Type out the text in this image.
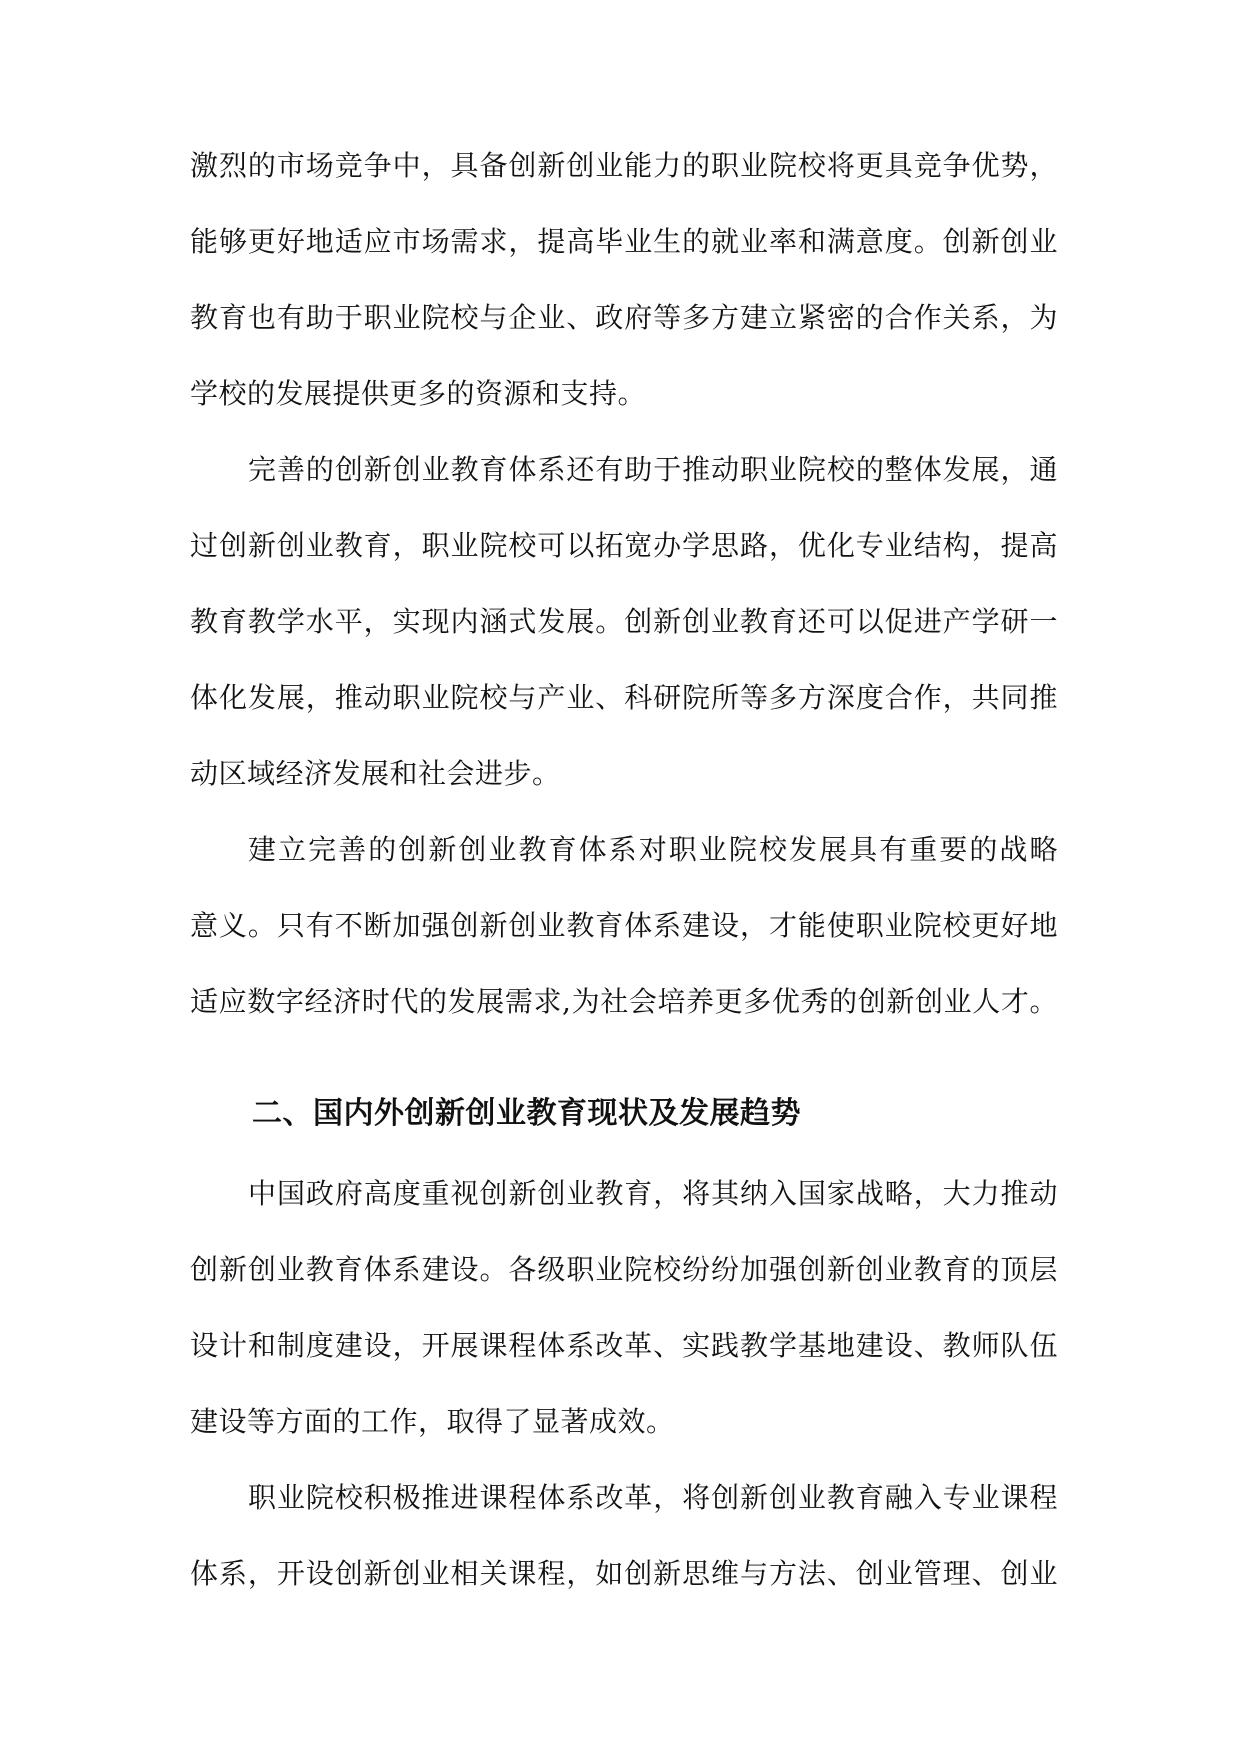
激烈的市场竞争中，具备创新创业能力的职业院校将更具竞争优势，
能够更好地适应市场需求，提高毕业生的就业率和满意度。创新创业
教育也有助于职业院校与企业、政府等多方建立紧密的合作关系，为
学校的发展提供更多的资源和支持。
完善的创新创业教育体系还有助于推动职业院校的整体发展，通
过创新创业教育，职业院校可以拓宽办学思路，优化专业结构，提高
教育教学水平，实现内涵式发展。创新创业教育还可以促进产学研一
体化发展，推动职业院校与产业、科研院所等多方深度合作，共同推
动区域经济发展和社会进步。
建立完善的创新创业教育体系对职业院校发展具有重要的战略
意义。只有不断加强创新创业教育体系建设，才能使职业院校更好地
适应数字经济时代的发展需求,为社会培养更多优秀的创新创业人才。
二、国内外创新创业教育现状及发展趋势
中国政府高度重视创新创业教育，将其纳入国家战略，大力推动
创新创业教育体系建设。各级职业院校纷纷加强创新创业教育的顶层
设计和制度建设，开展课程体系改革、实践教学基地建设、教师队伍
建设等方面的工作，取得了显著成效。
职业院校积极推进课程体系改革，将创新创业教育融入专业课程
体系，开设创新创业相关课程，如创新思维与方法、创业管理、创业
